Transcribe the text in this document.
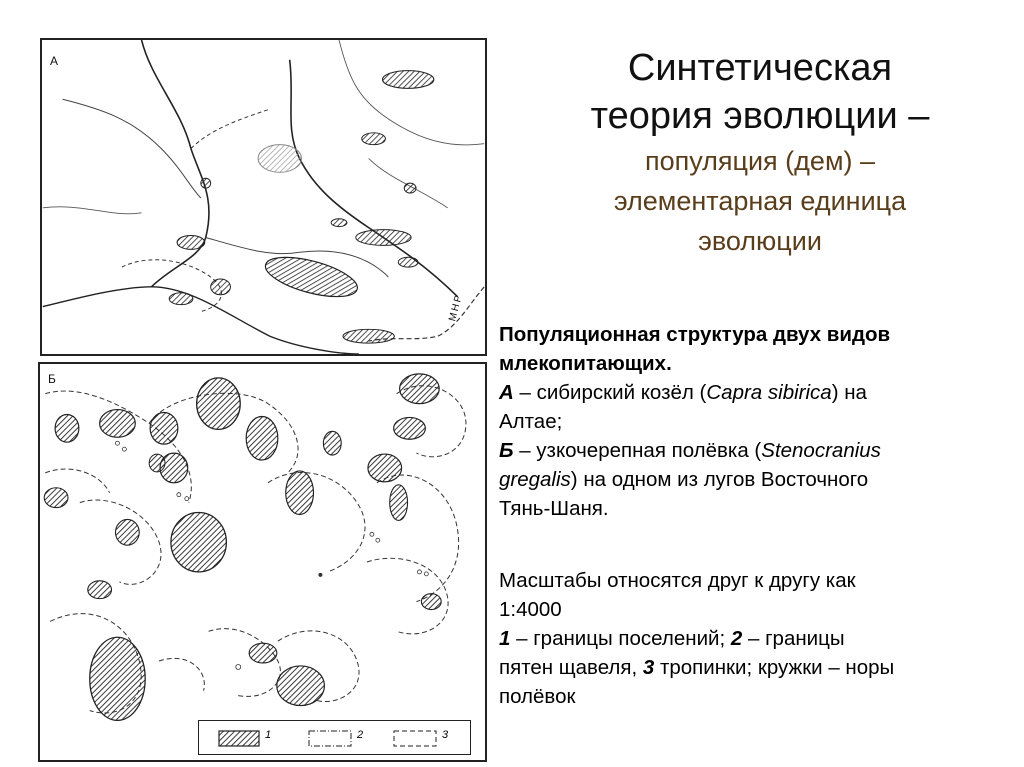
A
МНР
Б
1	2	3
Синтетическая
теория эволюции –
популяция (дем) –
элементарная единица
эволюции
Популяционная структура двух видов
млекопитающих.
А – сибирский козёл (Capra sibirica) на
Алтае;
Б – узкочерепная полёвка (Stenocranius
gregalis) на одном из лугов Восточного
Тянь-Шаня.
Масштабы относятся друг к другу как
1:4000
1 – границы поселений; 2 – границы
пятен щавеля, 3 тропинки; кружки – норы
полёвок
